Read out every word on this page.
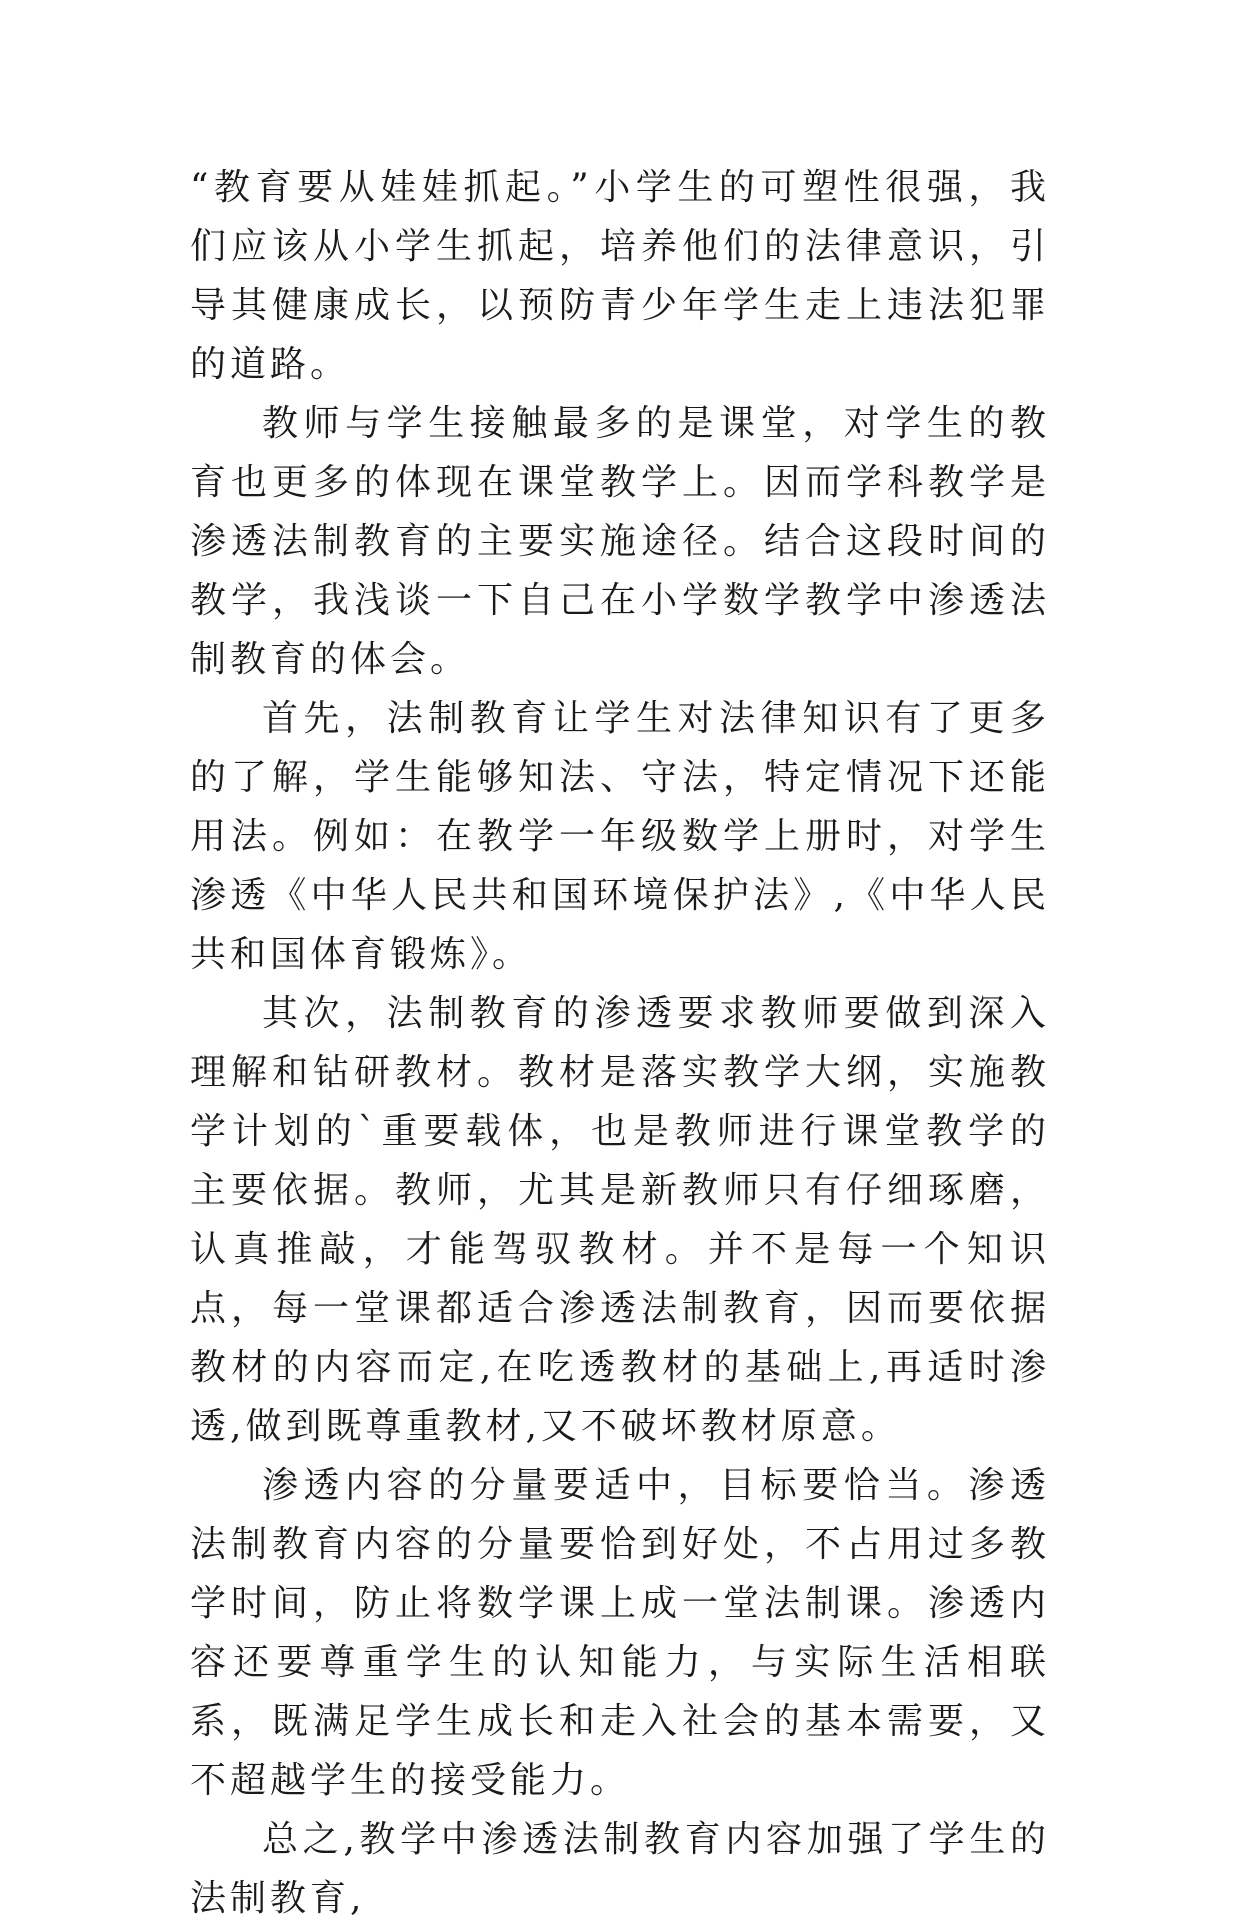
“教育要从娃娃抓起。”小学生的可塑性很强，我们应该从小学生抓起，培养他们的法律意识，引导其健康成长，以预防青少年学生走上违法犯罪的道路。

教师与学生接触最多的是课堂，对学生的教育也更多的体现在课堂教学上。因而学科教学是渗透法制教育的主要实施途径。结合这段时间的教学，我浅谈一下自己在小学数学教学中渗透法制教育的体会。

首先，法制教育让学生对法律知识有了更多的了解，学生能够知法、守法，特定情况下还能用法。例如：在教学一年级数学上册时，对学生渗透《中华人民共和国环境保护法》,《中华人民共和国体育锻炼》。

其次，法制教育的渗透要求教师要做到深入理解和钻研教材。教材是落实教学大纲，实施教学计划的`重要载体，也是教师进行课堂教学的主要依据。教师，尤其是新教师只有仔细琢磨，认真推敲，才能驾驭教材。并不是每一个知识点，每一堂课都适合渗透法制教育，因而要依据教材的内容而定,在吃透教材的基础上,再适时渗透,做到既尊重教材,又不破坏教材原意。

渗透内容的分量要适中，目标要恰当。渗透法制教育内容的分量要恰到好处，不占用过多教学时间，防止将数学课上成一堂法制课。渗透内容还要尊重学生的认知能力，与实际生活相联系，既满足学生成长和走入社会的基本需要，又不超越学生的接受能力。

总之,教学中渗透法制教育内容加强了学生的法制教育,
